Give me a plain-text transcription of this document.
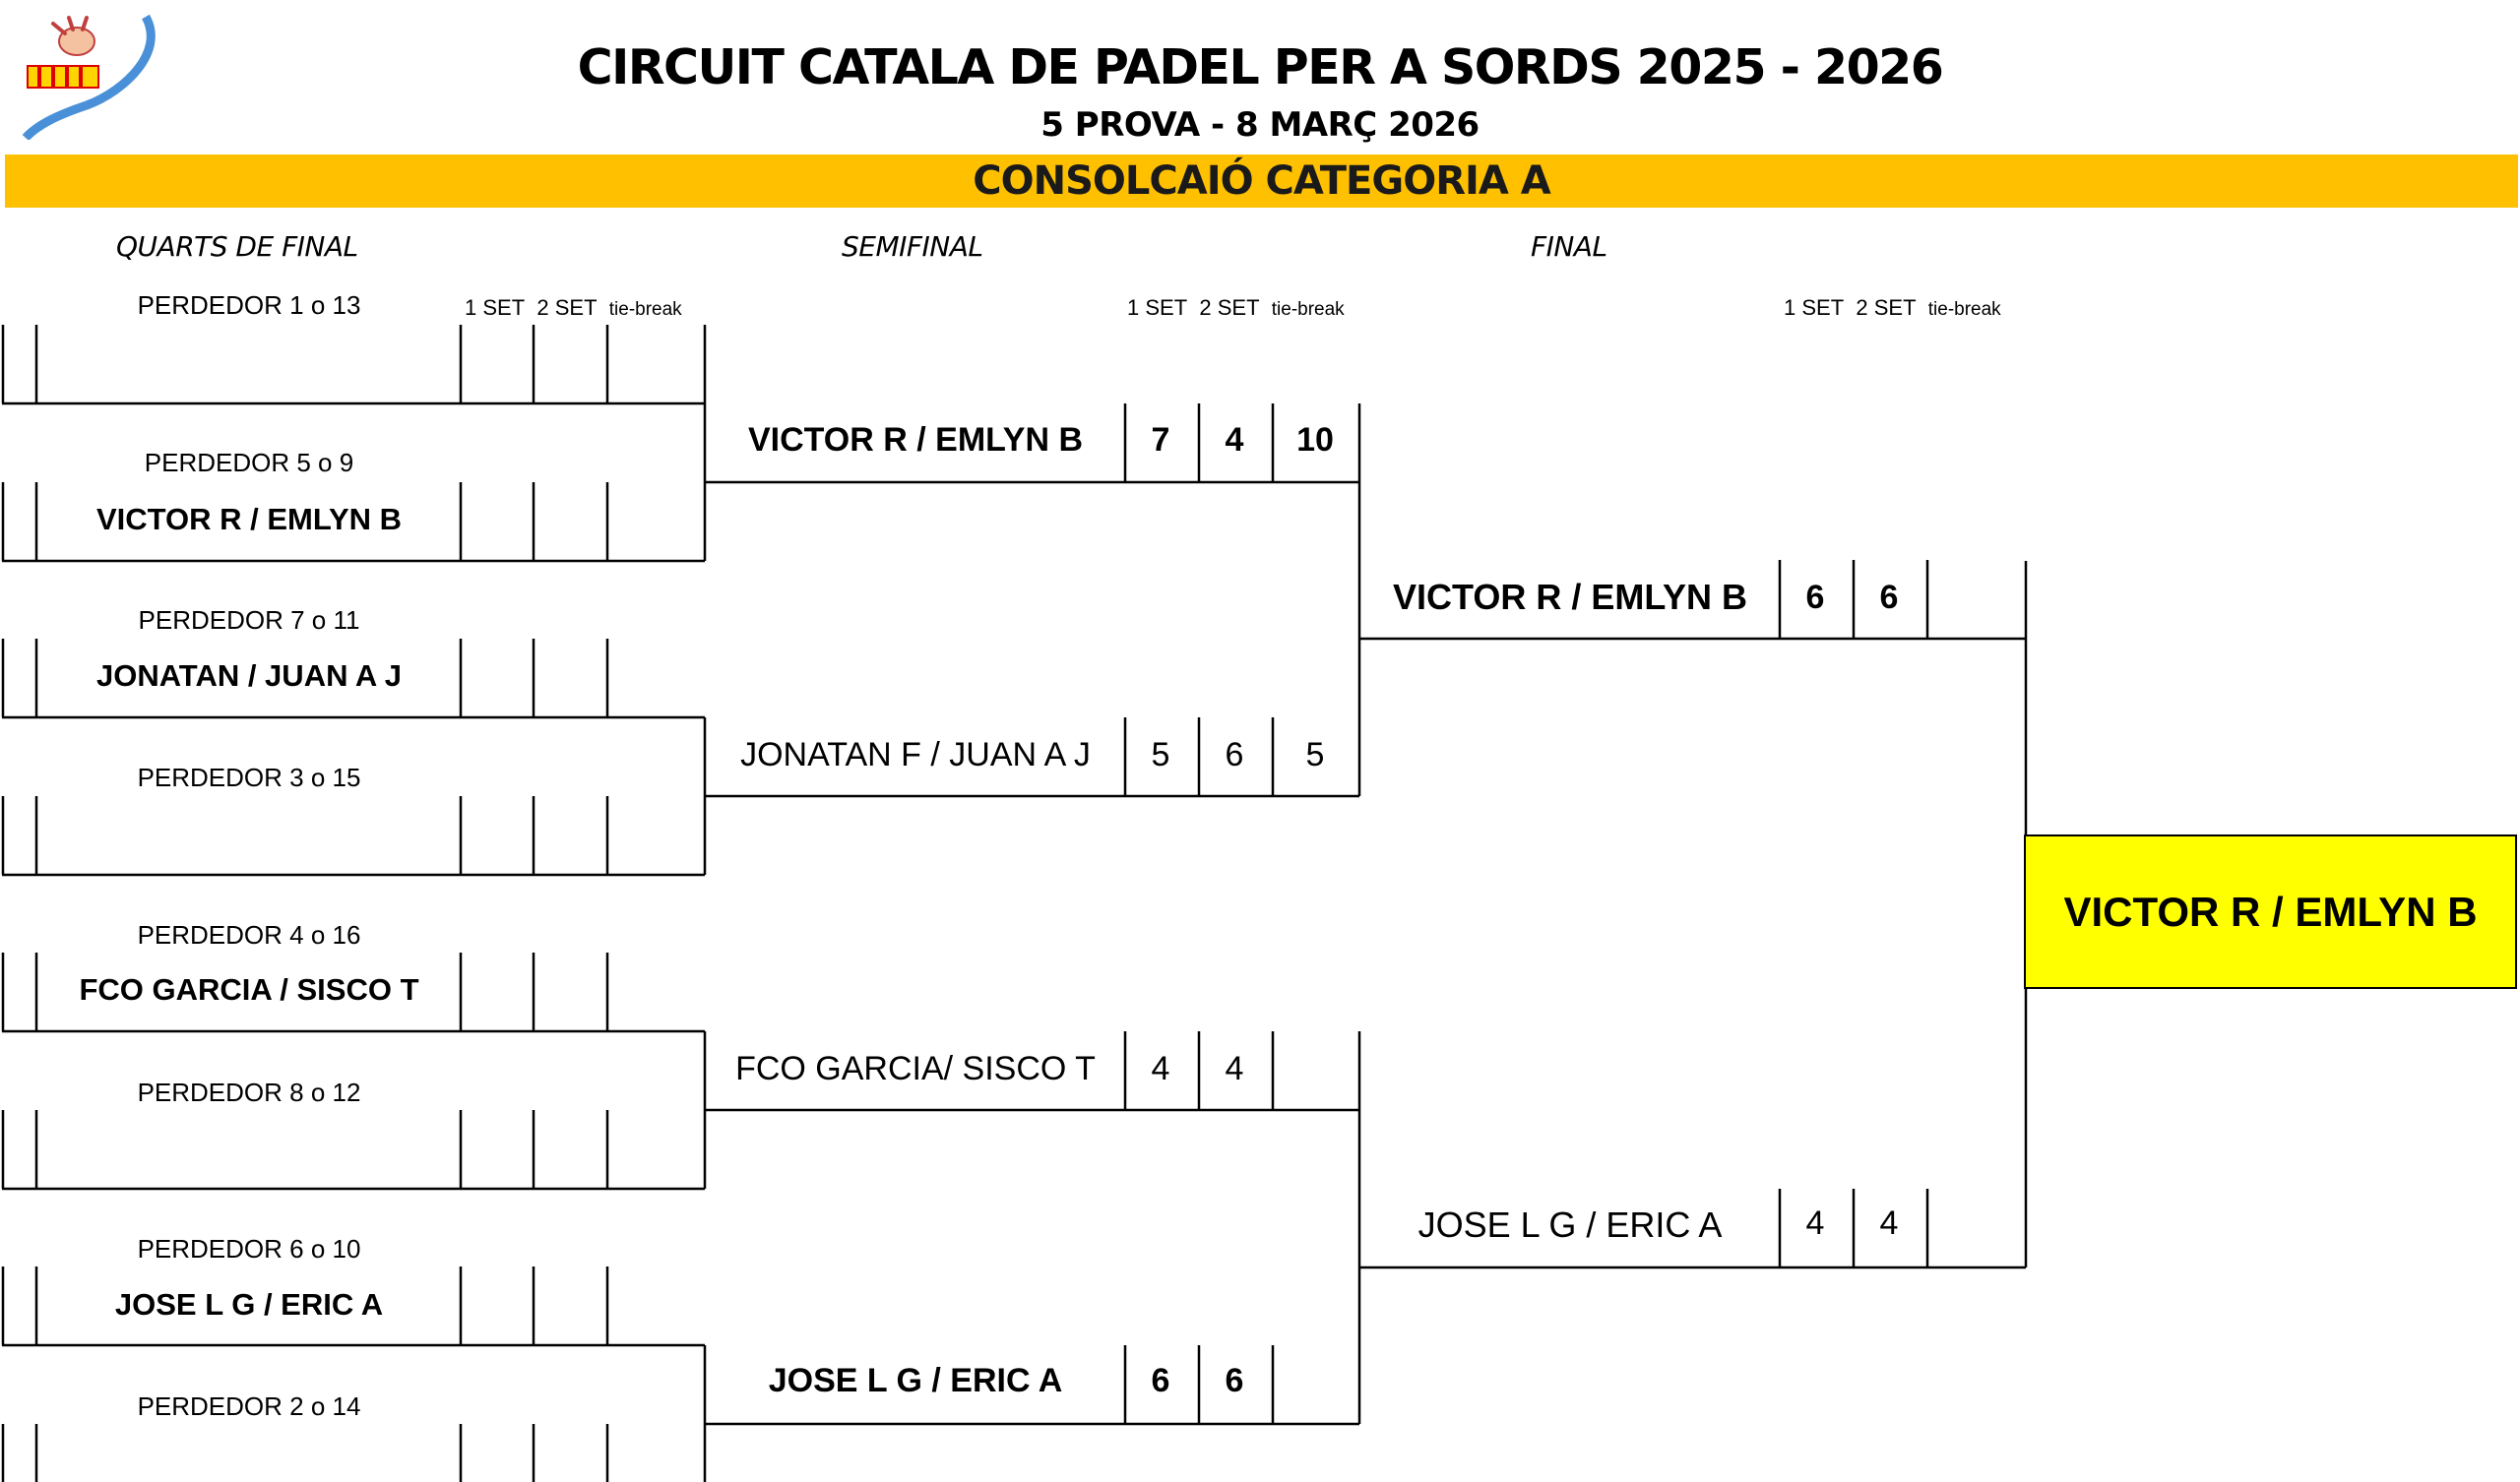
CIRCUIT CATALA DE PADEL PER A SORDS 2025 - 2026
5 PROVA - 8 MARÇ 2026
CONSOLCAIÓ CATEGORIA A
QUARTS DE FINAL	SEMIFINAL	FINAL
1 SET 2 SET tie-break	1 SET 2 SET tie-break	1 SET 2 SET tie-break
PERDEDOR 1 o 13
PERDEDOR 5 o 9
VICTOR R / EMLYN B
PERDEDOR 7 o 11
JONATAN / JUAN A J
PERDEDOR 3 o 15
PERDEDOR 4 o 16
FCO GARCIA / SISCO T
PERDEDOR 8 o 12
PERDEDOR 6 o 10
JOSE L G / ERIC A
PERDEDOR 2 o 14
VICTOR R / EMLYN B	7	4	10
JONATAN F / JUAN A J	5	6	5
FCO GARCIA/ SISCO T	4	4
JOSE L G / ERIC A	6	6
VICTOR R / EMLYN B	6	6
JOSE L G / ERIC A	4	4
VICTOR R / EMLYN B
